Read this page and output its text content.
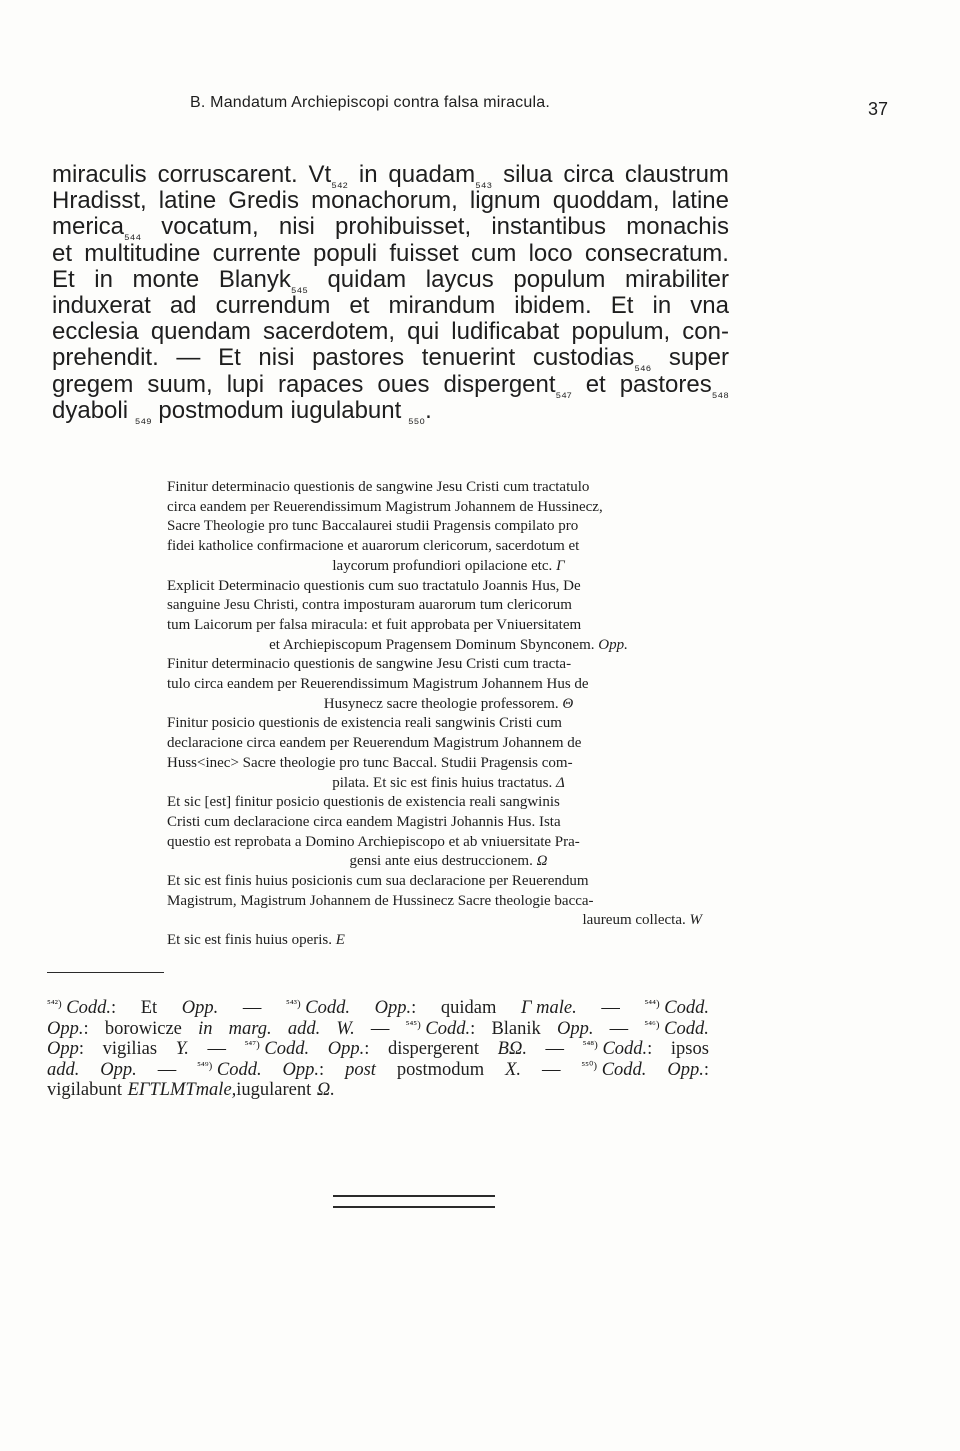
B. Mandatum Archiepiscopi contra falsa miracula.	37
miraculis corruscarent. $Vt_{_{542}}$ in quadam$_{_{543}}$ silua circa claustrum
Hradisst, latine Gredis monachorum, lignum quoddam, latine
merica$_{_{544}}$ vocatum, nisi prohibuisset, instantibus monachis
et multitudine currente populi fuisset cum loco consecratum.
Et in monte Blanyk$_{_{545}}$ quidam laycus populum mirabiliter
induxerat ad currendum et mirandum ibidem. Et in vna
ecclesia quendam sacerdotem, qui ludificabat populum, con-
prehendit. — Et nisi pastores tenuerint custodias$_{_{546}}$ super
gregem suum, lupi rapaces oues dispergent$_{_{547}}$ et pastores$_{_{548}}$
dyaboli $_{_{549}}$ postmodum iugulabunt $_{_{550}}$.
Finitur determinacio questionis de sangwine Jesu Cristi cum tractatulo
circa eandem per Reuerendissimum Magistrum Johannem de Hussinecz,
Sacre Theologie pro tunc Baccalaurei studii Pragensis compilato pro
fidei katholice confirmacione et auarorum clericorum, sacerdotum et
laycorum profundiori opilacione etc. Γ
Explicit Determinacio questionis cum suo tractatulo Joannis Hus, De
sanguine Jesu Christi, contra imposturam auarorum tum clericorum
tum Laicorum per falsa miracula: et fuit approbata per Vniuersitatem
et Archiepiscopum Pragensem Dominum Sbynconem. Opp.
Finitur determinacio questionis de sangwine Jesu Cristi cum tracta-
tulo circa eandem per Reuerendissimum Magistrum Johannem Hus de
Husynecz sacre theologie professorem. Θ
Finitur posicio questionis de existencia reali sangwinis Cristi cum
declaracione circa eandem per Reuerendum Magistrum Johannem de
Huss<inec> Sacre theologie pro tunc Baccal. Studii Pragensis com-
pilata. Et sic est finis huius tractatus. Δ
Et sic [est] finitur posicio questionis de existencia reali sangwinis
Cristi cum declaracione circa eandem Magistri Johannis Hus. Ista
questio est reprobata a Domino Archiepiscopo et ab vniuersitate Pra-
gensi ante eius destruccionem. Ω
Et sic est finis huius posicionis cum sua declaracione per Reuerendum
Magistrum, Magistrum Johannem de Hussinecz Sacre theologie bacca-
laureum collecta. W
Et sic est finis huius operis. E
$^{^{542})}$ Codd.: Et Opp. — $^{^{543})}$ Codd. Opp.: quidam Γ male. — $^{^{544})}$ Codd.
Opp.: borowicze in marg. add. W. — $^{^{545})}$ Codd.: Blanik Opp. — $^{^{546})}$ Codd.
Opp: vigilias Y. — $^{^{547})}$ Codd. Opp.: dispergerent BΩ. — $^{^{548})}$ Codd.: ipsos
add. Opp. — $^{^{549})}$ Codd. Opp.: post postmodum X. — $^{^{550})}$ Codd. Opp.:
vigilabunt ΕΓΤLMT male, iugularent Ω.
